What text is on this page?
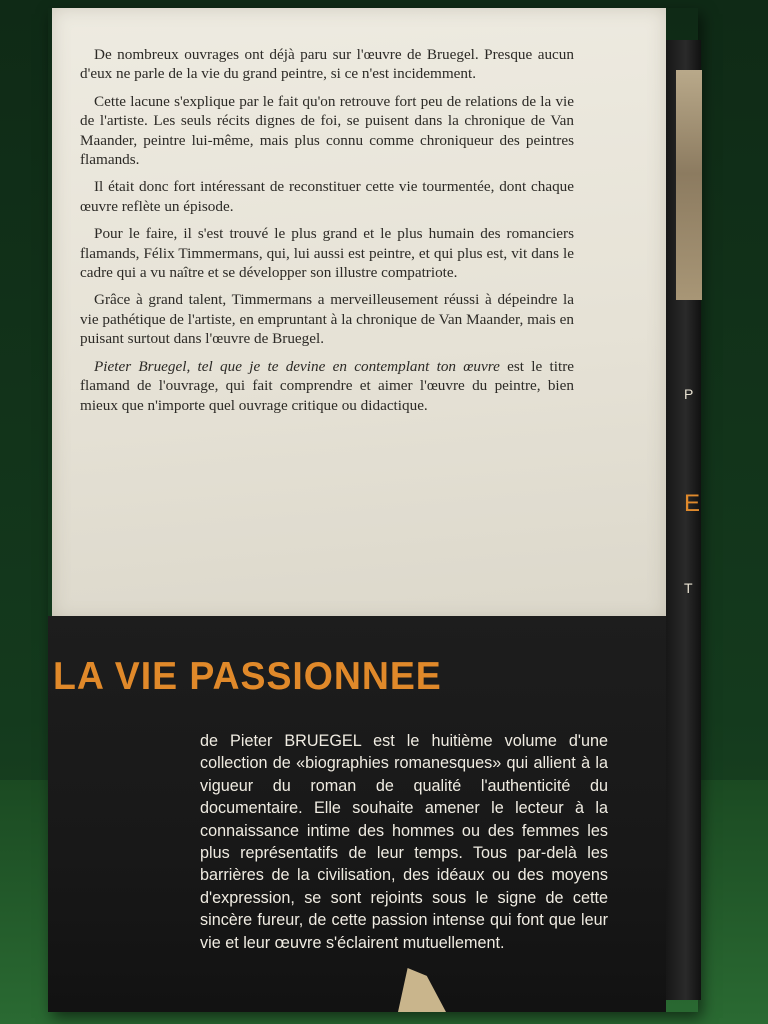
P
E
T

De nombreux ouvrages ont déjà paru sur l'œuvre de Bruegel. Presque aucun d'eux ne parle de la vie du grand peintre, si ce n'est incidemment.

Cette lacune s'explique par le fait qu'on retrouve fort peu de relations de la vie de l'artiste. Les seuls récits dignes de foi, se puisent dans la chronique de Van Maander, peintre lui-même, mais plus connu comme chroniqueur des peintres flamands.

Il était donc fort intéressant de reconstituer cette vie tourmentée, dont chaque œuvre reflète un épisode.

Pour le faire, il s'est trouvé le plus grand et le plus humain des romanciers flamands, Félix Timmermans, qui, lui aussi est peintre, et qui plus est, vit dans le cadre qui a vu naître et se développer son illustre compatriote.

Grâce à grand talent, Timmermans a merveilleusement réussi à dépeindre la vie pathétique de l'artiste, en empruntant à la chronique de Van Maander, mais en puisant surtout dans l'œuvre de Bruegel.

Pieter Bruegel, tel que je te devine en contemplant ton œuvre est le titre flamand de l'ouvrage, qui fait comprendre et aimer l'œuvre du peintre, bien mieux que n'importe quel ouvrage critique ou didactique.

LA VIE PASSIONNEE
de Pieter BRUEGEL est le huitième volume d'une collection de «biographies romanesques» qui allient à la vigueur du roman de qualité l'authenticité du documentaire. Elle souhaite amener le lecteur à la connaissance intime des hommes ou des femmes les plus représentatifs de leur temps. Tous par-delà les barrières de la civilisation, des idéaux ou des moyens d'expression, se sont rejoints sous le signe de cette sincère fureur, de cette passion intense qui font que leur vie et leur œuvre s'éclairent mutuellement.
